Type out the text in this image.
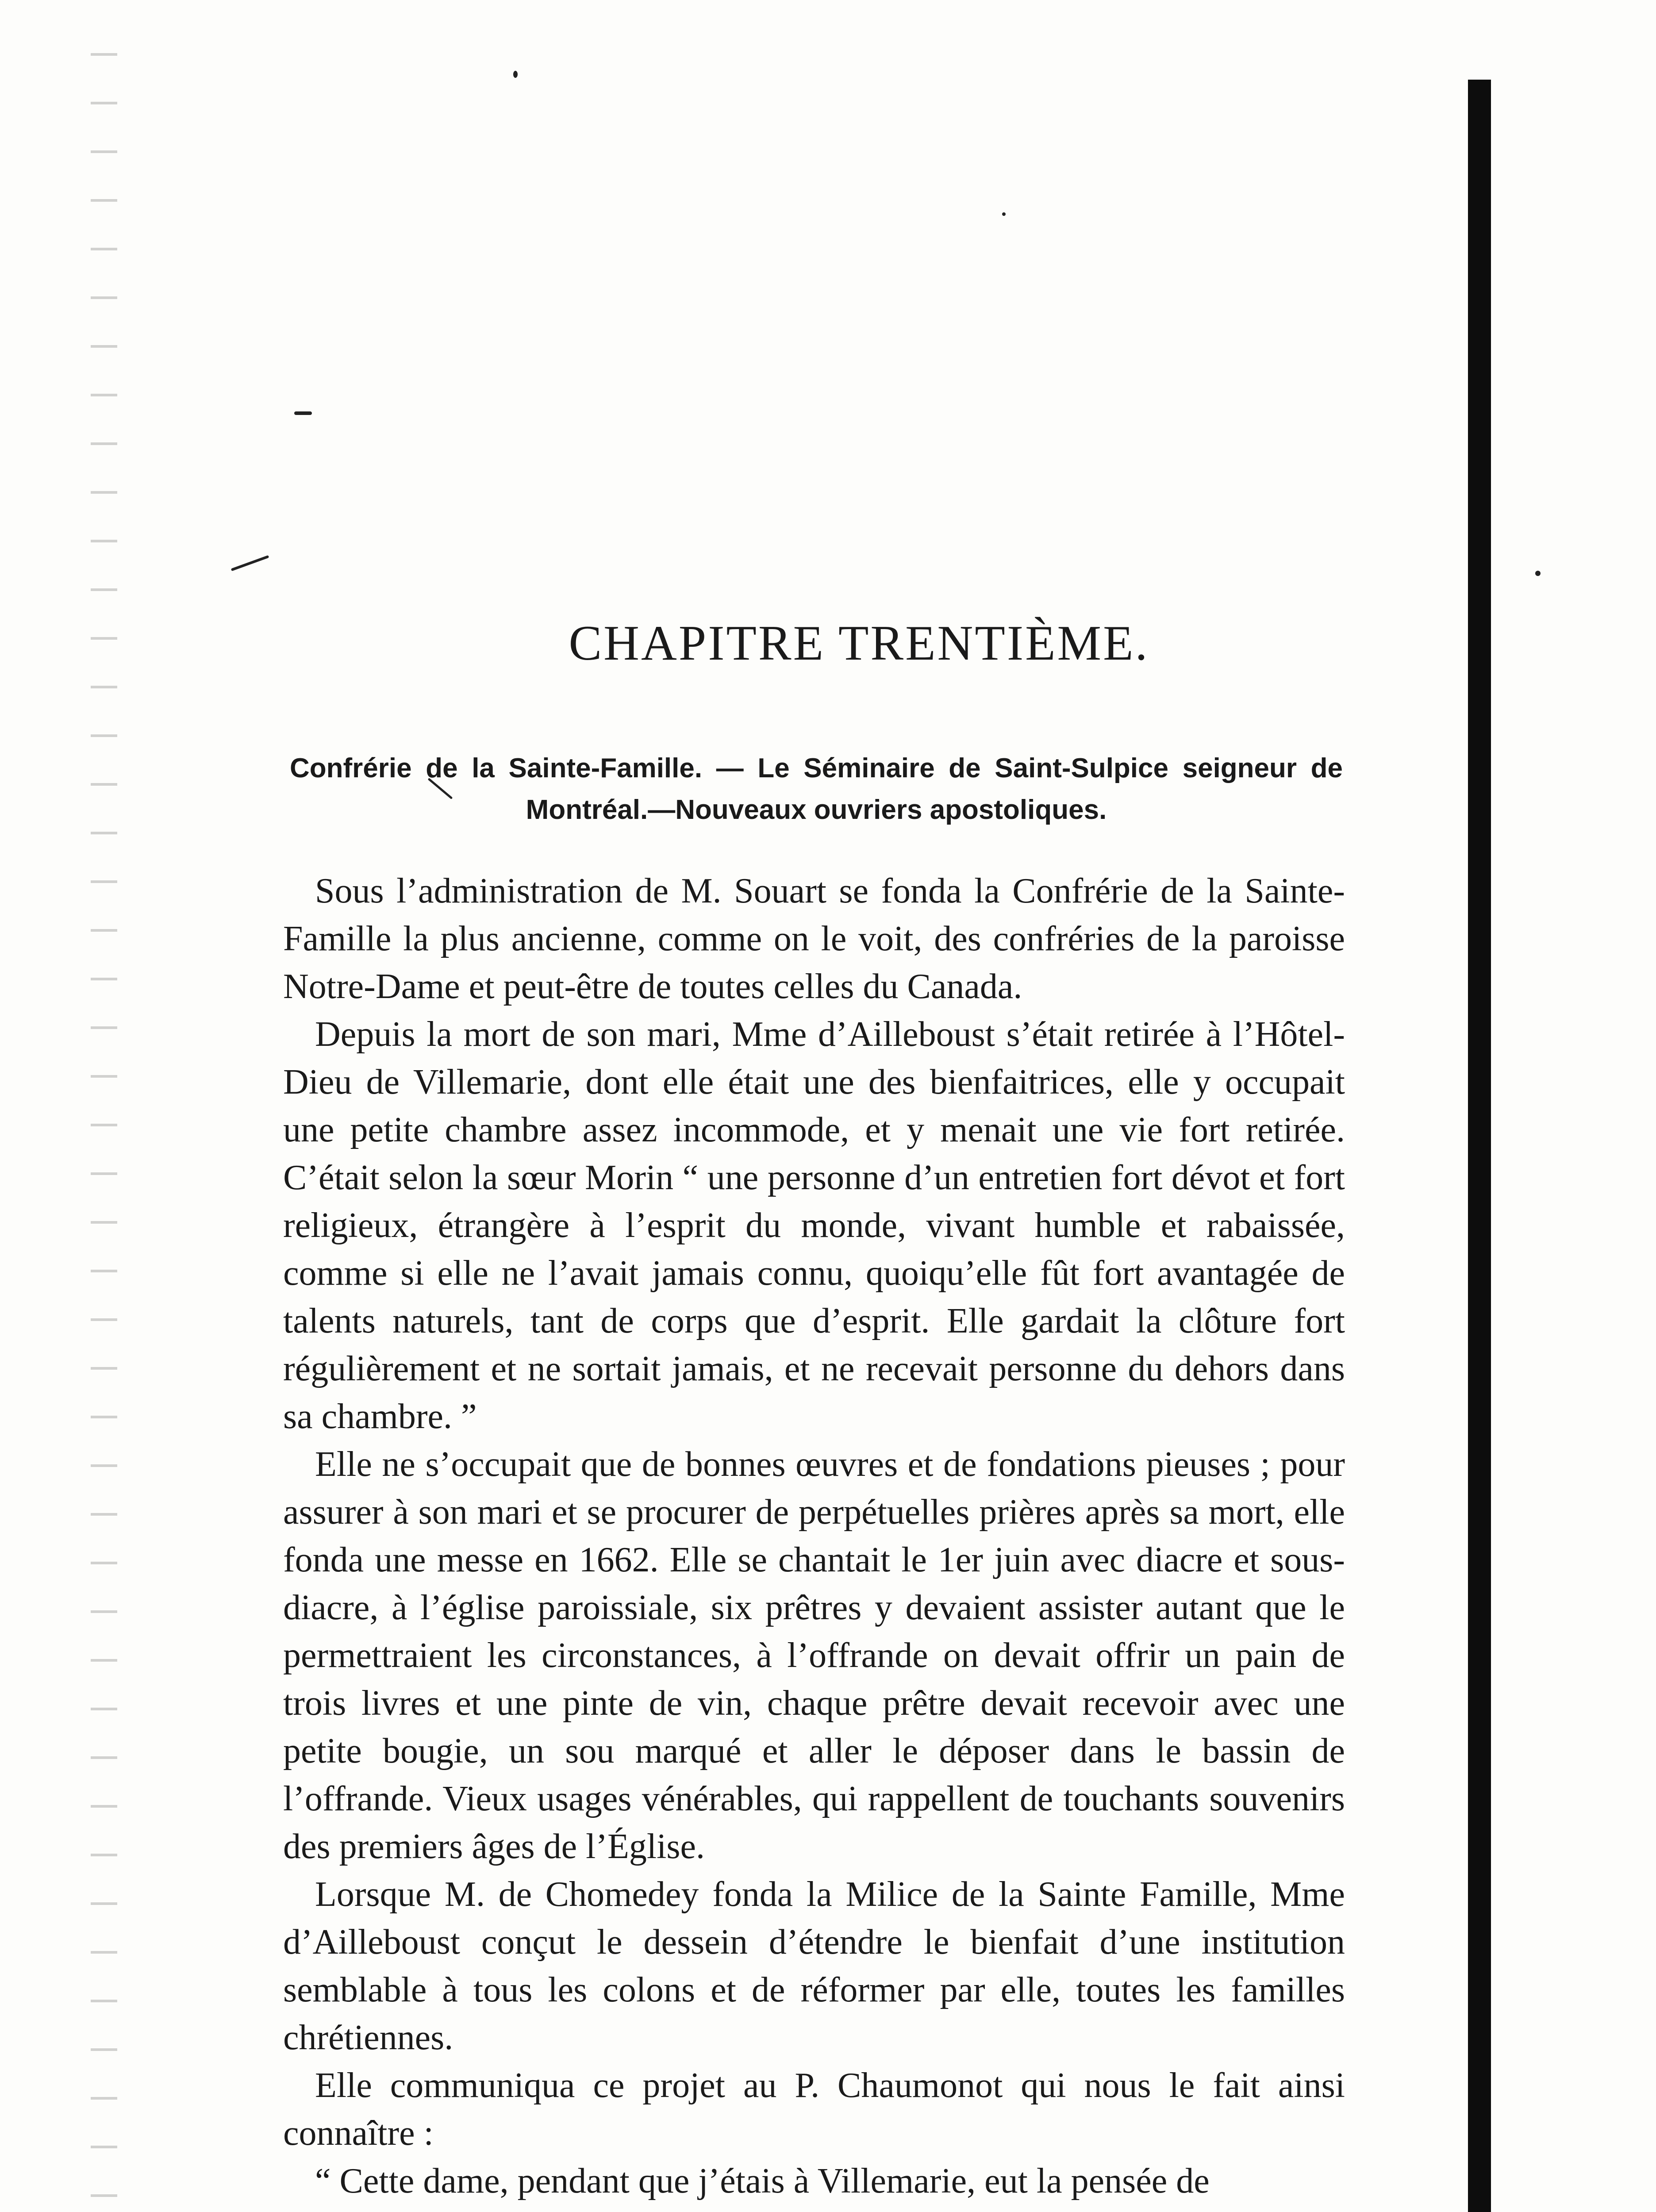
CHAPITRE TRENTIÈME.

Confrérie de la Sainte-Famille. — Le Séminaire de Saint-Sulpice seigneur de Montréal.—Nouveaux ouvriers apostoliques.

Sous l’administration de M. Souart se fonda la Confrérie de la Sainte-Famille la plus ancienne, comme on le voit, des confréries de la paroisse Notre-Dame et peut-être de toutes celles du Canada.

Depuis la mort de son mari, Mme d’Ailleboust s’était retirée à l’Hôtel-Dieu de Villemarie, dont elle était une des bienfaitrices, elle y occupait une petite chambre assez incommode, et y menait une vie fort retirée. C’était selon la sœur Morin “ une personne d’un entretien fort dévot et fort religieux, étrangère à l’esprit du monde, vivant humble et rabaissée, comme si elle ne l’avait jamais connu, quoiqu’elle fût fort avantagée de talents naturels, tant de corps que d’esprit. Elle gardait la clôture fort régulièrement et ne sortait jamais, et ne recevait personne du dehors dans sa chambre. ”

Elle ne s’occupait que de bonnes œuvres et de fondations pieuses ; pour assurer à son mari et se procurer de perpétuelles prières après sa mort, elle fonda une messe en 1662. Elle se chantait le 1er juin avec diacre et sous-diacre, à l’église paroissiale, six prêtres y devaient assister autant que le permettraient les circonstances, à l’offrande on devait offrir un pain de trois livres et une pinte de vin, chaque prêtre devait recevoir avec une petite bougie, un sou marqué et aller le déposer dans le bassin de l’offrande. Vieux usages vénérables, qui rappellent de touchants souvenirs des premiers âges de l’Église.

Lorsque M. de Chomedey fonda la Milice de la Sainte Famille, Mme d’Ailleboust conçut le dessein d’étendre le bienfait d’une institution semblable à tous les colons et de réformer par elle, toutes les familles chrétiennes.

Elle communiqua ce projet au P. Chaumonot qui nous le fait ainsi connaître :

“ Cette dame, pendant que j’étais à Villemarie, eut la pensée de
